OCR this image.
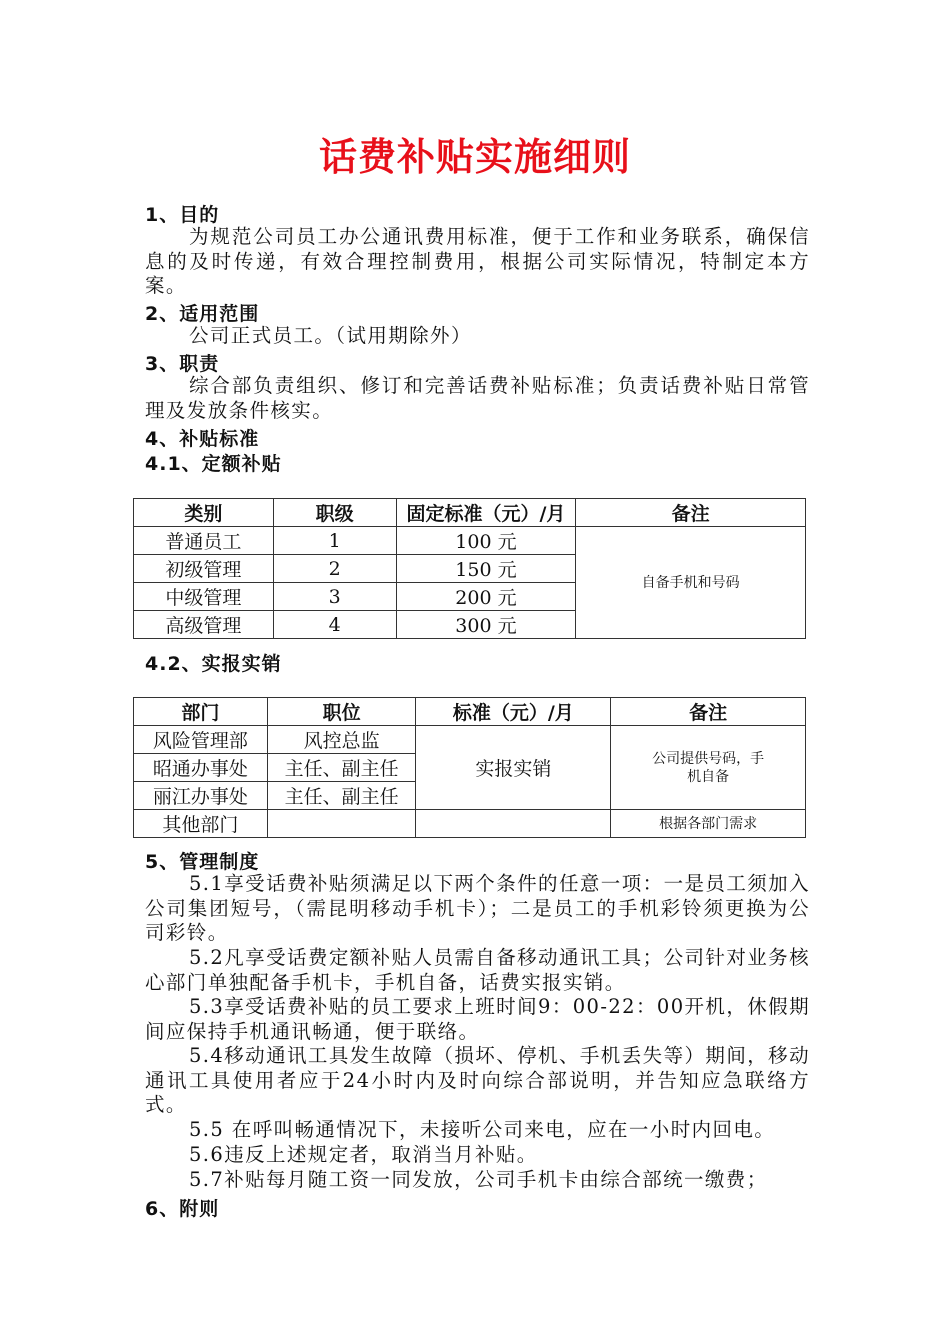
话费补贴实施细则
1、目的
为规范公司员工办公通讯费用标准，便于工作和业务联系，确保信息的及时传递，有效合理控制费用，根据公司实际情况，特制定本方案。
2、适用范围
公司正式员工。（试用期除外）
3、职责
综合部负责组织、修订和完善话费补贴标准；负责话费补贴日常管理及发放条件核实。
4、补贴标准
4.1、定额补贴
类别	职级	固定标准（元）/月	备注
普通员工	1	100 元	自备手机和号码
初级管理	2	150 元	
中级管理	3	200 元	
高级管理	4	300 元	
4.2、实报实销
部门	职位	标准（元）/月	备注
风险管理部	风控总监	实报实销	公司提供号码，手机自备
昭通办事处	主任、副主任		
丽江办事处	主任、副主任		
其他部门			根据各部门需求
5、管理制度
5.1享受话费补贴须满足以下两个条件的任意一项：一是员工须加入公司集团短号，（需昆明移动手机卡）；二是员工的手机彩铃须更换为公司彩铃。
5.2凡享受话费定额补贴人员需自备移动通讯工具；公司针对业务核心部门单独配备手机卡，手机自备，话费实报实销。
5.3享受话费补贴的员工要求上班时间9：00-22：00开机，休假期间应保持手机通讯畅通，便于联络。
5.4移动通讯工具发生故障（损坏、停机、手机丢失等）期间，移动通讯工具使用者应于24小时内及时向综合部说明，并告知应急联络方式。
5.5 在呼叫畅通情况下，未接听公司来电，应在一小时内回电。
5.6违反上述规定者，取消当月补贴。
5.7补贴每月随工资一同发放，公司手机卡由综合部统一缴费；
6、附则
